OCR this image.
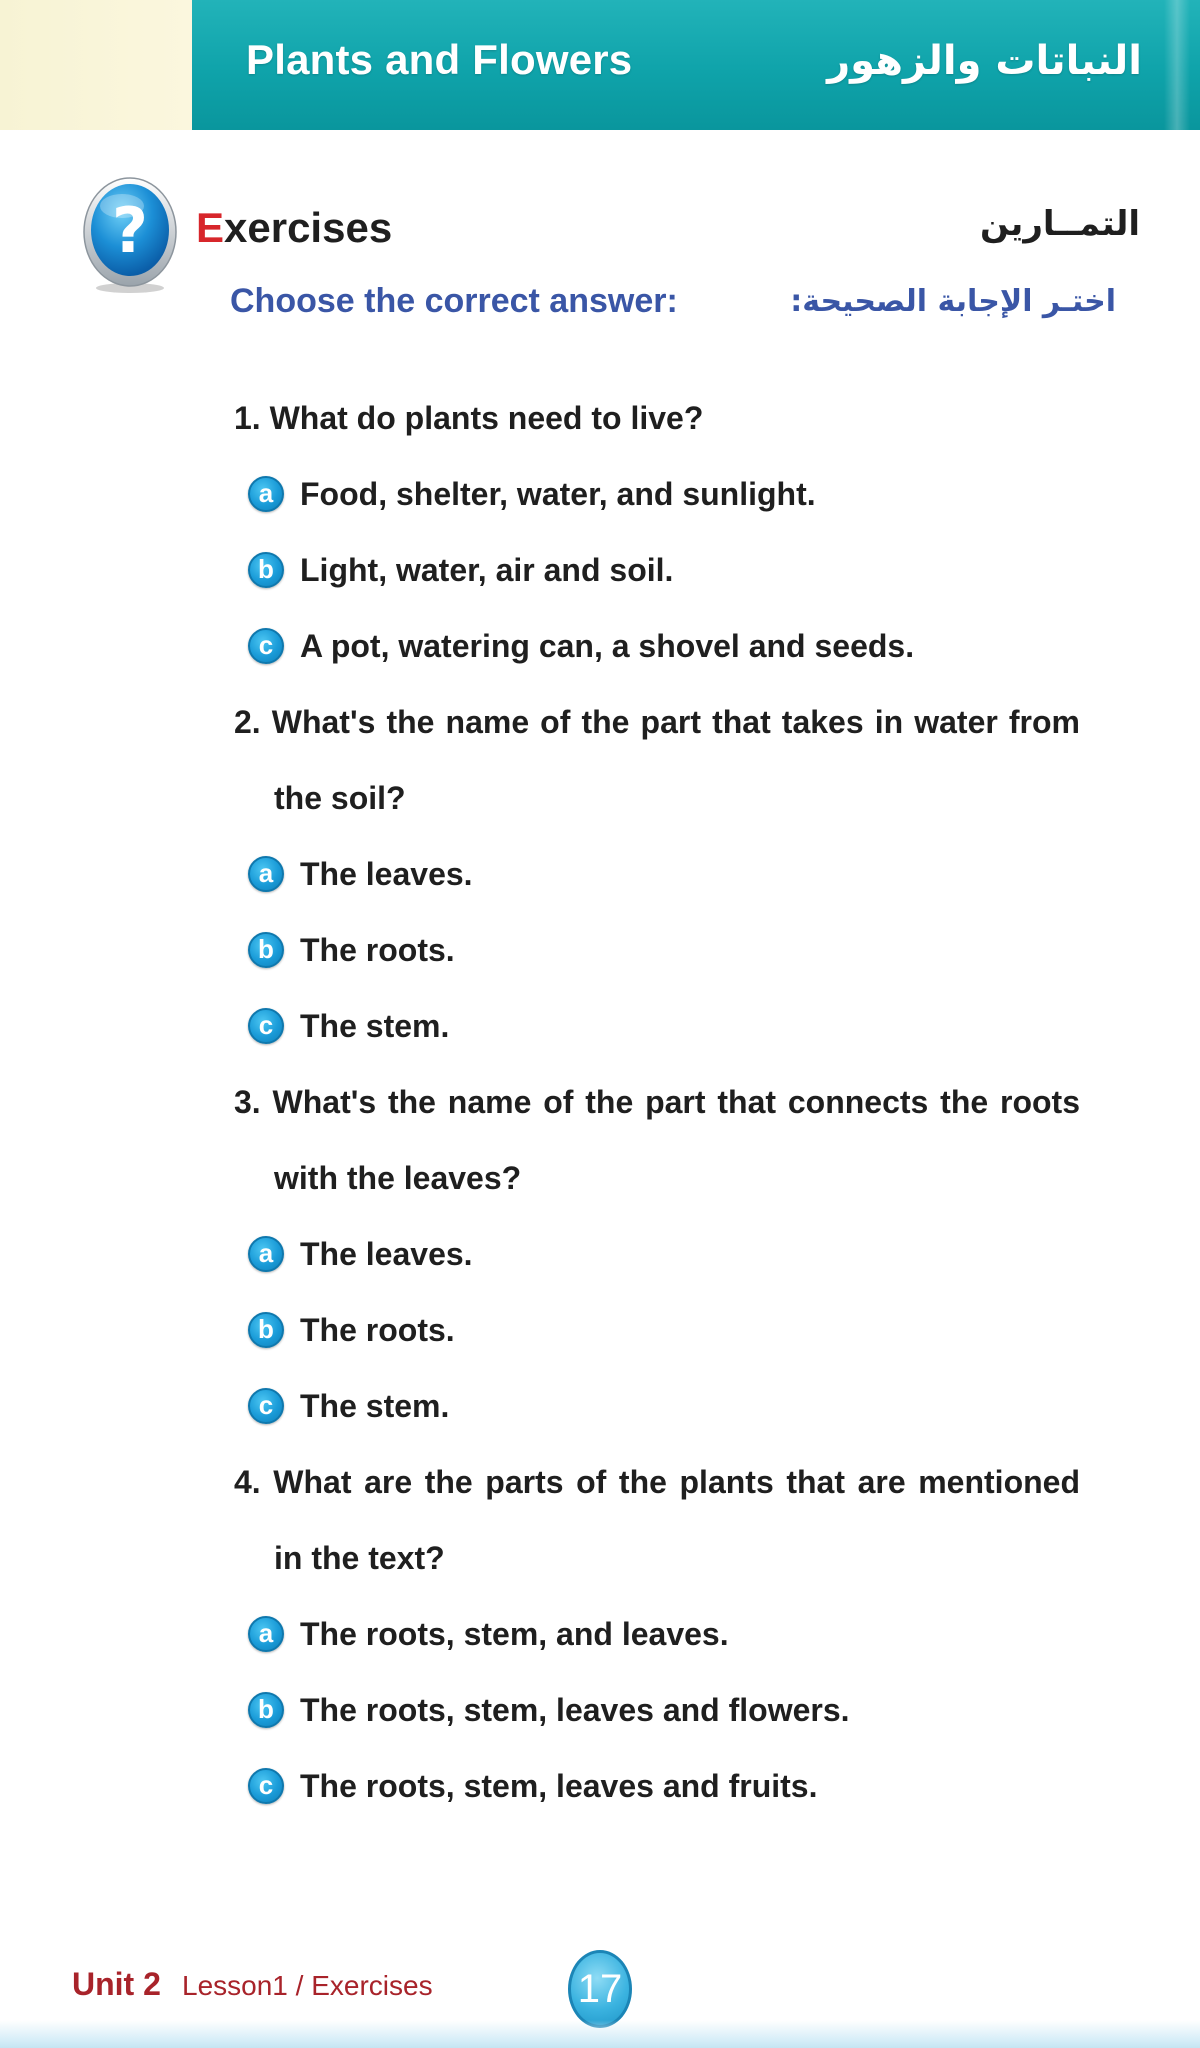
Plants and Flowers	النباتات والزهور
? Exercises	التمــارين

Choose the correct answer:	اختـر الإجابة الصحيحة:

1. What do plants need to live?

a Food, shelter, water, and sunlight.
b Light, water, air and soil.
c A pot, watering can, a shovel and seeds.

2. What's the name of the part that takes in water from the soil?

a The leaves.
b The roots.
c The stem.

3. What's the name of the part that connects the roots with the leaves?

a The leaves.
b The roots.
c The stem.

4. What are the parts of the plants that are mentioned in the text?

a The roots, stem, and leaves.
b The roots, stem, leaves and flowers.
c The roots, stem, leaves and fruits.

Unit 2 Lesson1 / Exercises	17
